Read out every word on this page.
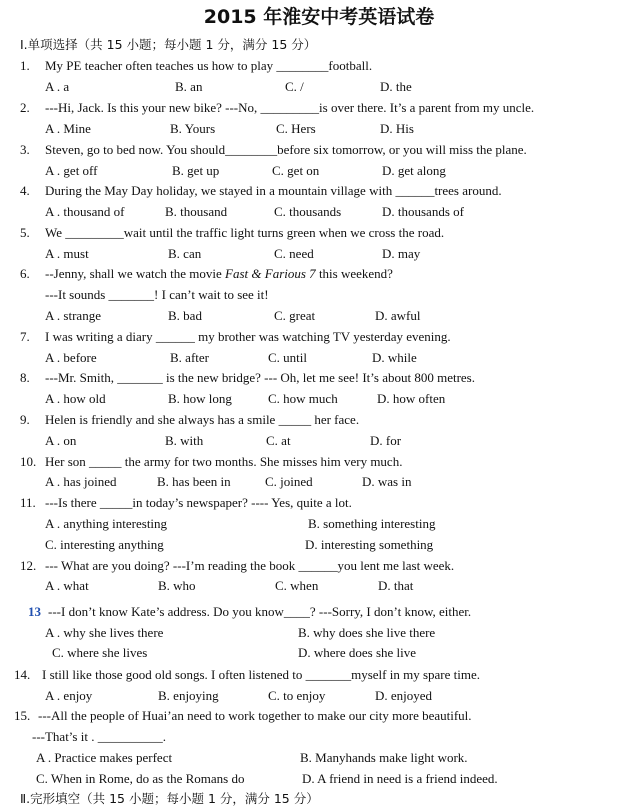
2015 年淮安中考英语试卷
Ⅰ.单项选择（共 15 小题；每小题 1 分，满分 15 分）
1. My PE teacher often teaches us how to play ________football.
A . a	B. an	C. /	D. the
2. ---Hi, Jack. Is this your new bike? ---No, _________is over there. It’s a parent from my uncle.
A . Mine	B. Yours	C. Hers	D. His
3. Steven, go to bed now. You should________before six tomorrow, or you will miss the plane.
A . get off	B. get up	C. get on	D. get along
4. During the May Day holiday, we stayed in a mountain village with ______trees around.
A . thousand of	B. thousand	C. thousands	D. thousands of
5. We _________wait until the traffic light turns green when we cross the road.
A . must	B. can	C. need	D. may
6. --Jenny, shall we watch the movie Fast & Farious 7 this weekend?
---It sounds _______! I can’t wait to see it!
A . strange	B. bad	C. great	D. awful
7. I was writing a diary ______ my brother was watching TV yesterday evening.
A . before	B. after	C. until	D. while
8. ---Mr. Smith, _______ is the new bridge? --- Oh, let me see! It’s about 800 metres.
A . how old	B. how long	C. how much	D. how often
9. Helen is friendly and she always has a smile _____ her face.
A . on	B. with	C. at	D. for
10. Her son _____ the army for two months. She misses him very much.
A . has joined	B. has been in	C. joined	D. was in
11. ---Is there _____in today’s newspaper? ---- Yes, quite a lot.
A . anything interesting	B. something interesting
C. interesting anything	D. interesting something
12. --- What are you doing? ---I’m reading the book ______you lent me last week.
A . what	B. who	C. when	D. that
13 ---I don’t know Kate’s address. Do you know____? ---Sorry, I don’t know, either.
A . why she lives there	B. why does she live there
C. where she lives	D. where does she live
14. I still like those good old songs. I often listened to _______myself in my spare time.
A . enjoy	B. enjoying	C. to enjoy	D. enjoyed
15. ---All the people of Huai’an need to work together to make our city more beautiful.
---That’s it . __________.
A . Practice makes perfect	B. Manyhands make light work.
C. When in Rome, do as the Romans do	D. A friend in need is a friend indeed.
Ⅱ.完形填空（共 15 小题；每小题 1 分，满分 15 分）
